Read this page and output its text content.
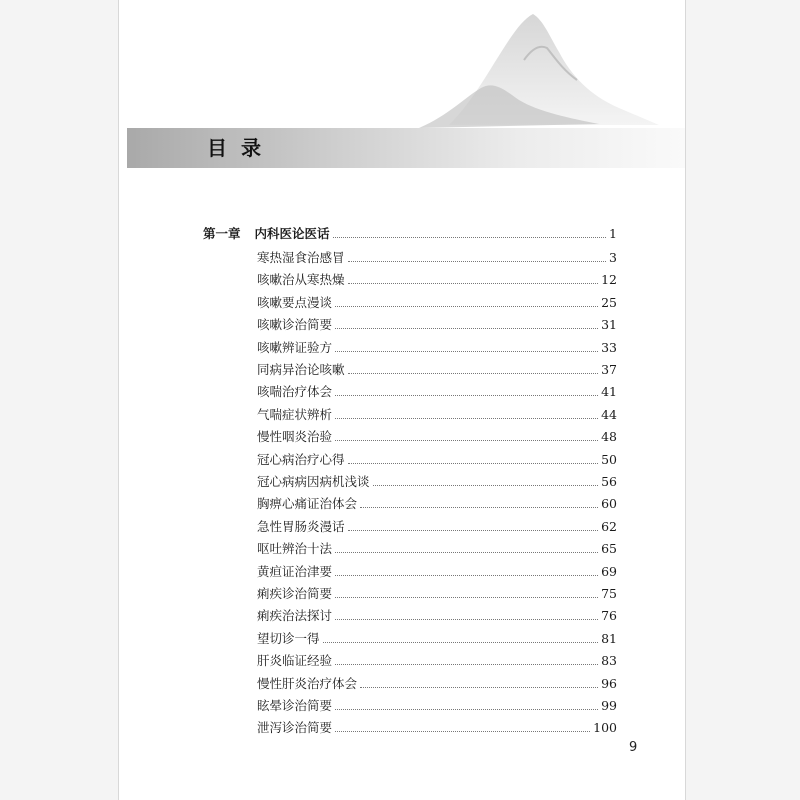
目录
第一章 内科医论医话	1
寒热湿食治感冒	3
咳嗽治从寒热燥	12
咳嗽要点漫谈	25
咳嗽诊治简要	31
咳嗽辨证验方	33
同病异治论咳嗽	37
咳喘治疗体会	41
气喘症状辨析	44
慢性咽炎治验	48
冠心病治疗心得	50
冠心病病因病机浅谈	56
胸痹心痛证治体会	60
急性胃肠炎漫话	62
呕吐辨治十法	65
黄疸证治津要	69
痢疾诊治简要	75
痢疾治法探讨	76
望切诊一得	81
肝炎临证经验	83
慢性肝炎治疗体会	96
眩晕诊治简要	99
泄泻诊治简要	100
9
